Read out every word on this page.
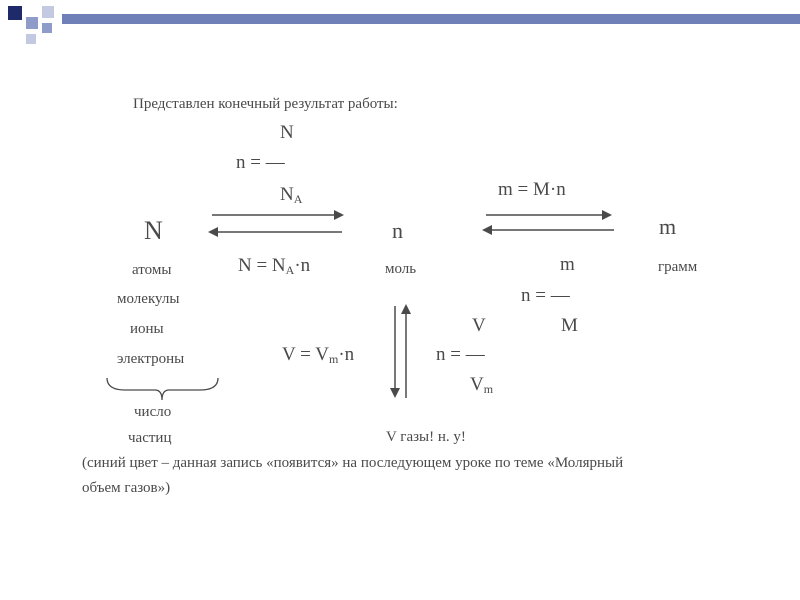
Представлен конечный результат работы:
N
n = —
$N_A$	m = M·n
N	n	m
$N = N_A\cdot n$
атомы
молекулы
ионы
электроны
моль	грамм
m
n = —
M
$V = V_m\cdot n$
V
n = —
$V_m$
число
частиц	V газы! н. у!
(синий цвет – данная запись «появится» на последующем уроке по теме «Молярный
объем газов»)
